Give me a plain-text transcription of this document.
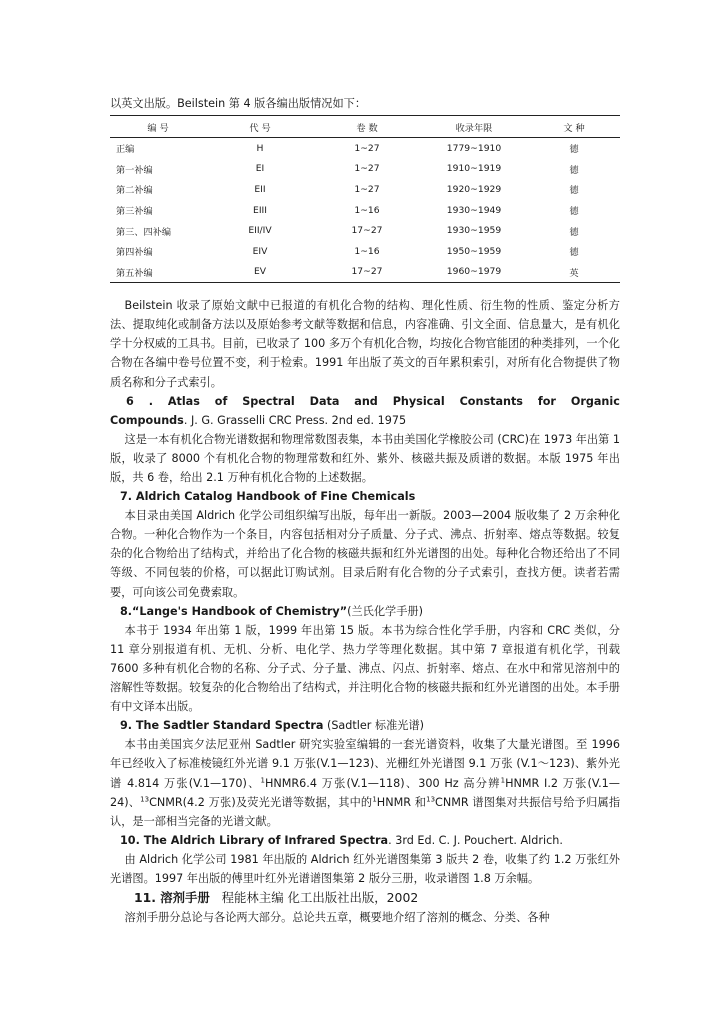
以英文出版。Beilstein 第 4 版各编出版情况如下：

编 号	代 号	卷 数	收录年限	文 种
正编	H	1~27	1779~1910	德
第一补编	EI	1~27	1910~1919	德
第二补编	EII	1~27	1920~1929	德
第三补编	EIII	1~16	1930~1949	德
第三、四补编	EII/IV	17~27	1930~1959	德
第四补编	EIV	1~16	1950~1959	德
第五补编	EV	17~27	1960~1979	英

Beilstein 收录了原始文献中已报道的有机化合物的结构、理化性质、衍生物的性质、鉴定分析方法、提取纯化或制备方法以及原始参考文献等数据和信息，内容准确、引文全面、信息量大，是有机化学十分权威的工具书。目前，已收录了 100 多万个有机化合物，均按化合物官能团的种类排列，一个化合物在各编中卷号位置不变，利于检索。1991 年出版了英文的百年累积索引，对所有化合物提供了物质名称和分子式索引。

6 . Atlas of Spectral Data and Physical Constants for Organic

Compounds. J. G. Grasselli CRC Press. 2nd ed. 1975

这是一本有机化合物光谱数据和物理常数图表集，本书由美国化学橡胶公司 (CRC)在 1973 年出第 1 版，收录了 8000 个有机化合物的物理常数和红外、紫外、核磁共振及质谱的数据。本版 1975 年出版，共 6 卷，给出 2.1 万种有机化合物的上述数据。

7. Aldrich Catalog Handbook of Fine Chemicals

本目录由美国 Aldrich 化学公司组织编写出版，每年出一新版。2003—2004 版收集了 2 万余种化合物。一种化合物作为一个条目，内容包括相对分子质量、分子式、沸点、折射率、熔点等数据。较复杂的化合物给出了结构式，并给出了化合物的核磁共振和红外光谱图的出处。每种化合物还给出了不同等级、不同包装的价格，可以据此订购试剂。目录后附有化合物的分子式索引，查找方便。读者若需要，可向该公司免费索取。

8.“Lange's Handbook of Chemistry”(兰氏化学手册)

本书于 1934 年出第 1 版，1999 年出第 15 版。本书为综合性化学手册，内容和 CRC 类似，分 11 章分别报道有机、无机、分析、电化学、热力学等理化数据。其中第 7 章报道有机化学，刊载 7600 多种有机化合物的名称、分子式、分子量、沸点、闪点、折射率、熔点、在水中和常见溶剂中的溶解性等数据。较复杂的化合物给出了结构式，并注明化合物的核磁共振和红外光谱图的出处。本手册有中文译本出版。

9. The Sadtler Standard Spectra (Sadtler 标准光谱)

本书由美国宾夕法尼亚州 Sadtler 研究实验室编辑的一套光谱资料，收集了大量光谱图。至 1996 年已经收入了标准棱镜红外光谱 9.1 万张(V.1—123)、光栅红外光谱图 9.1 万张 (V.1～123)、紫外光谱 4.814 万张(V.1—170)、$^1$HNMR6.4 万张(V.1—118)、300 Hz 高分辨$^1$HNMR I.2 万张(V.1—24)、$^{13}$CNMR(4.2 万张)及荧光光谱等数据，其中的$^1$HNMR 和$^{13}$CNMR 谱图集对共振信号给予归属指认，是一部相当完备的光谱文献。

10. The Aldrich Library of Infrared Spectra. 3rd Ed. C. J. Pouchert. Aldrich.

由 Aldrich 化学公司 1981 年出版的 Aldrich 红外光谱图集第 3 版共 2 卷，收集了约 1.2 万张红外光谱图。1997 年出版的傅里叶红外光谱谱图集第 2 版分三册，收录谱图 1.8 万余幅。

11. 溶剂手册 程能林主编 化工出版社出版，2002

溶剂手册分总论与各论两大部分。总论共五章，概要地介绍了溶剂的概念、分类、各种
